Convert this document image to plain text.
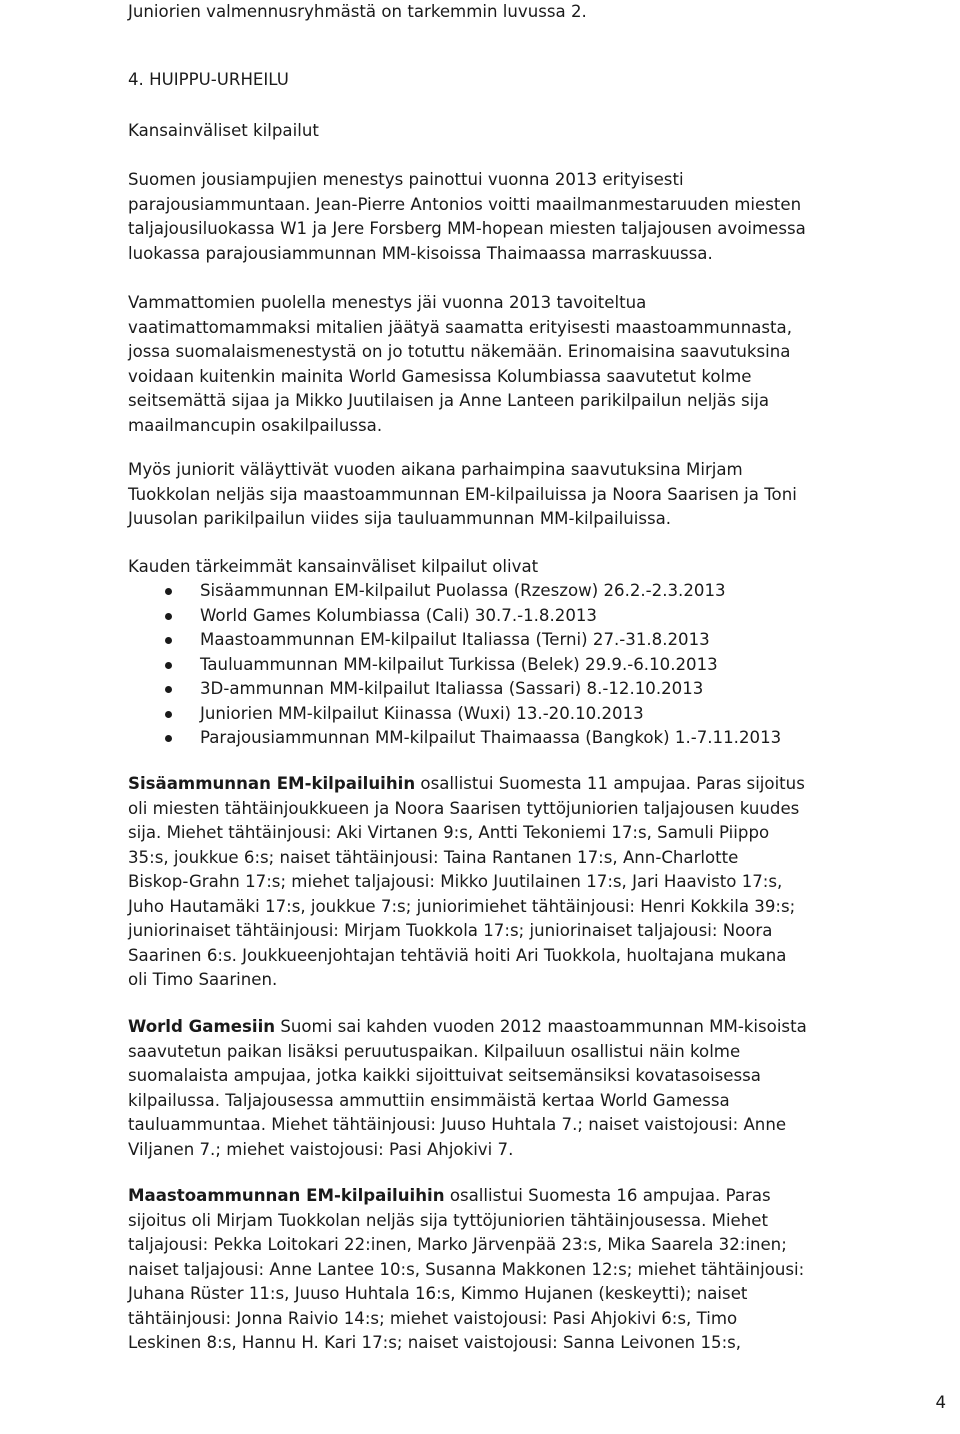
Juniorien valmennusryhmästä on tarkemmin luvussa 2.
4. HUIPPU-URHEILU
Kansainväliset kilpailut
Suomen jousiampujien menestys painottui vuonna 2013 erityisesti
parajousiammuntaan. Jean-Pierre Antonios voitti maailmanmestaruuden miesten
taljajousiluokassa W1 ja Jere Forsberg MM-hopean miesten taljajousen avoimessa
luokassa parajousiammunnan MM-kisoissa Thaimaassa marraskuussa.
Vammattomien puolella menestys jäi vuonna 2013 tavoiteltua
vaatimattomammaksi mitalien jäätyä saamatta erityisesti maastoammunnasta,
jossa suomalaismenestystä on jo totuttu näkemään. Erinomaisina saavutuksina
voidaan kuitenkin mainita World Gamesissa Kolumbiassa saavutetut kolme
seitsemättä sijaa ja Mikko Juutilaisen ja Anne Lanteen parikilpailun neljäs sija
maailmancupin osakilpailussa.
Myös juniorit väläyttivät vuoden aikana parhaimpina saavutuksina Mirjam
Tuokkolan neljäs sija maastoammunnan EM-kilpailuissa ja Noora Saarisen ja Toni
Juusolan parikilpailun viides sija tauluammunnan MM-kilpailuissa.
Kauden tärkeimmät kansainväliset kilpailut olivat
Sisäammunnan EM-kilpailut Puolassa (Rzeszow) 26.2.-2.3.2013
World Games Kolumbiassa (Cali) 30.7.-1.8.2013
Maastoammunnan EM-kilpailut Italiassa (Terni) 27.-31.8.2013
Tauluammunnan MM-kilpailut Turkissa (Belek) 29.9.-6.10.2013
3D-ammunnan MM-kilpailut Italiassa (Sassari) 8.-12.10.2013
Juniorien MM-kilpailut Kiinassa (Wuxi) 13.-20.10.2013
Parajousiammunnan MM-kilpailut Thaimaassa (Bangkok) 1.-7.11.2013
Sisäammunnan EM-kilpailuihin osallistui Suomesta 11 ampujaa. Paras sijoitus
oli miesten tähtäinjoukkueen ja Noora Saarisen tyttöjuniorien taljajousen kuudes
sija. Miehet tähtäinjousi: Aki Virtanen 9:s, Antti Tekoniemi 17:s, Samuli Piippo
35:s, joukkue 6:s; naiset tähtäinjousi: Taina Rantanen 17:s, Ann-Charlotte
Biskop-Grahn 17:s; miehet taljajousi: Mikko Juutilainen 17:s, Jari Haavisto 17:s,
Juho Hautamäki 17:s, joukkue 7:s; juniorimiehet tähtäinjousi: Henri Kokkila 39:s;
juniorinaiset tähtäinjousi: Mirjam Tuokkola 17:s; juniorinaiset taljajousi: Noora
Saarinen 6:s. Joukkueenjohtajan tehtäviä hoiti Ari Tuokkola, huoltajana mukana
oli Timo Saarinen.
World Gamesiin Suomi sai kahden vuoden 2012 maastoammunnan MM-kisoista
saavutetun paikan lisäksi peruutuspaikan. Kilpailuun osallistui näin kolme
suomalaista ampujaa, jotka kaikki sijoittuivat seitsemänsiksi kovatasoisessa
kilpailussa. Taljajousessa ammuttiin ensimmäistä kertaa World Gamessa
tauluammuntaa. Miehet tähtäinjousi: Juuso Huhtala 7.; naiset vaistojousi: Anne
Viljanen 7.; miehet vaistojousi: Pasi Ahjokivi 7.
Maastoammunnan EM-kilpailuihin osallistui Suomesta 16 ampujaa. Paras
sijoitus oli Mirjam Tuokkolan neljäs sija tyttöjuniorien tähtäinjousessa. Miehet
taljajousi: Pekka Loitokari 22:inen, Marko Järvenpää 23:s, Mika Saarela 32:inen;
naiset taljajousi: Anne Lantee 10:s, Susanna Makkonen 12:s; miehet tähtäinjousi:
Juhana Rüster 11:s, Juuso Huhtala 16:s, Kimmo Hujanen (keskeytti); naiset
tähtäinjousi: Jonna Raivio 14:s; miehet vaistojousi: Pasi Ahjokivi 6:s, Timo
Leskinen 8:s, Hannu H. Kari 17:s; naiset vaistojousi: Sanna Leivonen 15:s,
4
